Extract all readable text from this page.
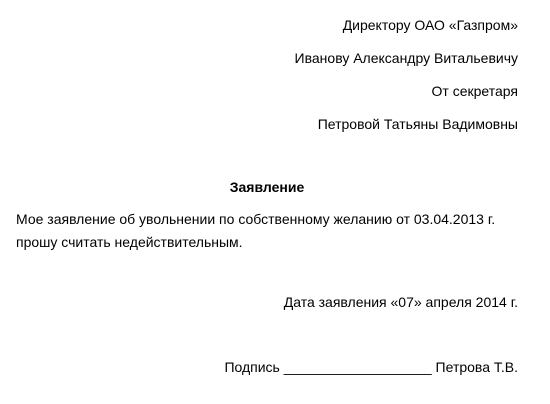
Директору ОАО «Газпром»
Иванову Александру Витальевичу
От секретаря
Петровой Татьяны Вадимовны
Заявление
Мое заявление об увольнении по собственному желанию от 03.04.2013 г.
прошу считать недействительным.
Дата заявления «07» апреля 2014 г.
Подпись ___________________ Петрова Т.В.
